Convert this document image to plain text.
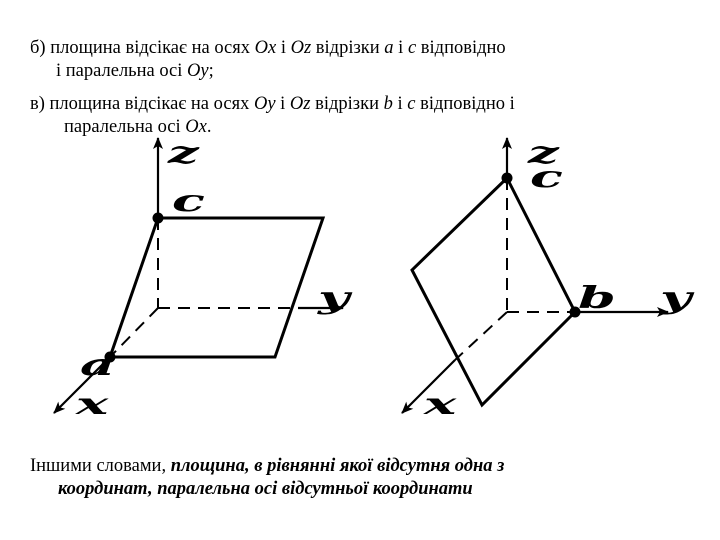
б) площина відсікає на осях Ox і Oz відрізки a і c відповідно
і паралельна осі Oy;
в) площина відсікає на осях Oy і Oz відрізки b і c відповідно і
паралельна осі Ox.
z
y
x
c
a
z
y
x
c
b
Іншими словами, площина, в рівнянні якої відсутня одна з
координат, паралельна осі відсутньої координати
